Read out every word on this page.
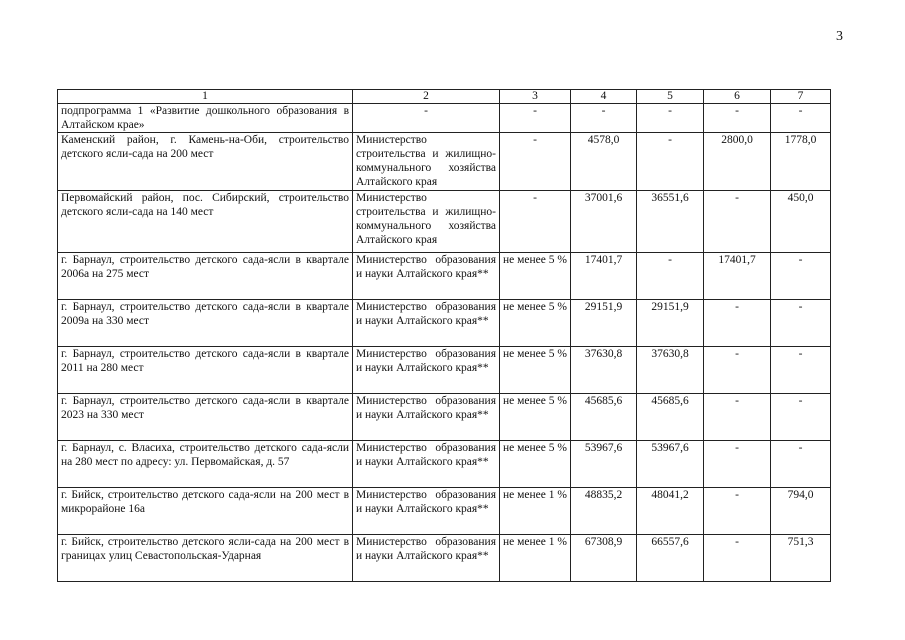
3
1	2	3	4	5	6	7
подпрограмма 1 «Развитие дошкольного образования в Алтайском крае»	-	-	-	-	-	-
Каменский район, г. Камень-на-Оби, строительство детского ясли-сада на 200 мест	Министерство строительства и жилищно-коммунального хозяйства Алтайского края	-	4578,0	-	2800,0	1778,0
Первомайский район, пос. Сибирский, строительство детского ясли-сада на 140 мест	Министерство строительства и жилищно-коммунального хозяйства Алтайского края	-	37001,6	36551,6	-	450,0
г. Барнаул, строительство детского сада-ясли в квартале 2006а на 275 мест	Министерство образования и науки Алтайского края**	не менее 5 %	17401,7	-	17401,7	-
г. Барнаул, строительство детского сада-ясли в квартале 2009а на 330 мест	Министерство образования и науки Алтайского края**	не менее 5 %	29151,9	29151,9	-	-
г. Барнаул, строительство детского сада-ясли в квартале 2011 на 280 мест	Министерство образования и науки Алтайского края**	не менее 5 %	37630,8	37630,8	-	-
г. Барнаул, строительство детского сада-ясли в квартале 2023 на 330 мест	Министерство образования и науки Алтайского края**	не менее 5 %	45685,6	45685,6	-	-
г. Барнаул, с. Власиха, строительство детского сада-ясли на 280 мест по адресу: ул. Первомайская, д. 57	Министерство образования и науки Алтайского края**	не менее 5 %	53967,6	53967,6	-	-
г. Бийск, строительство детского сада-ясли на 200 мест в микрорайоне 16а	Министерство образования и науки Алтайского края**	не менее 1 %	48835,2	48041,2	-	794,0
г. Бийск, строительство детского ясли-сада на 200 мест в границах улиц Севастопольская-Ударная	Министерство образования и науки Алтайского края**	не менее 1 %	67308,9	66557,6	-	751,3
